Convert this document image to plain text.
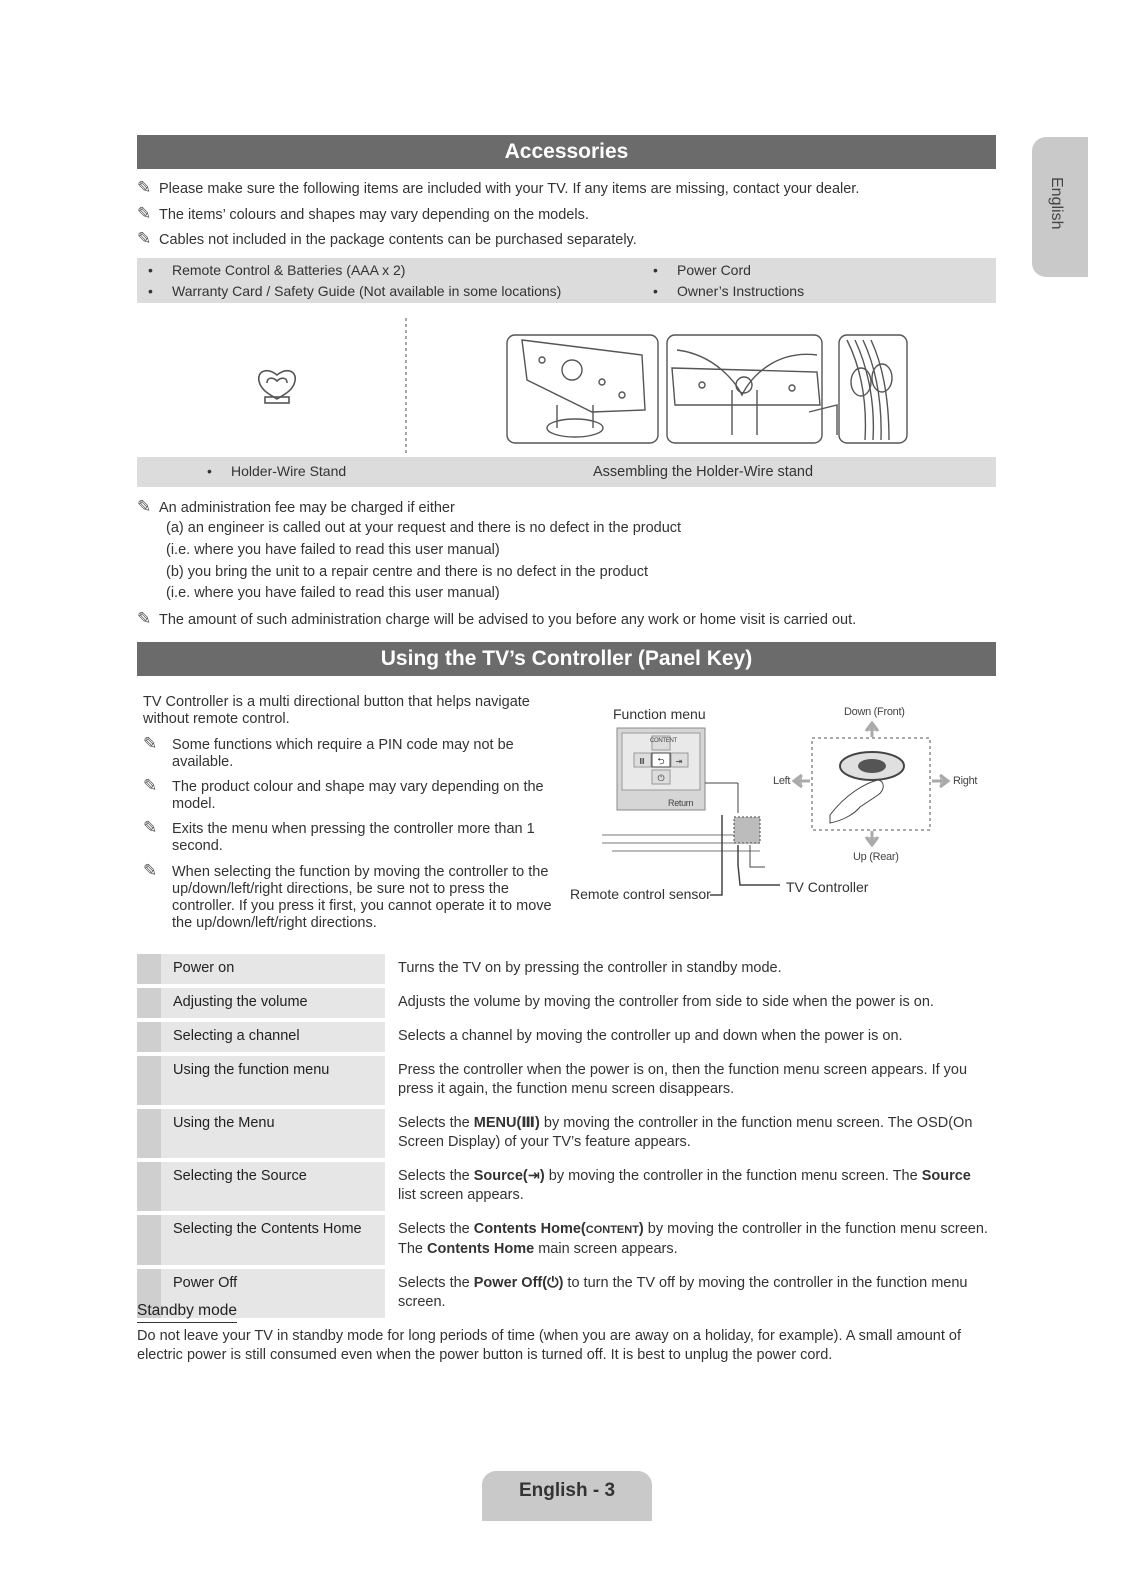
English
Accessories
✎ Please make sure the following items are included with your TV. If any items are missing, contact your dealer.
✎ The items’ colours and shapes may vary depending on the models.
✎ Cables not included in the package contents can be purchased separately.
• Remote Control & Batteries (AAA x 2)
• Warranty Card / Safety Guide (Not available in some locations)
• Power Cord
• Owner’s Instructions
• Holder-Wire Stand	Assembling the Holder-Wire stand
✎ An administration fee may be charged if either
(a) an engineer is called out at your request and there is no defect in the product
(i.e. where you have failed to read this user manual)
(b) you bring the unit to a repair centre and there is no defect in the product
(i.e. where you have failed to read this user manual)
✎ The amount of such administration charge will be advised to you before any work or home visit is carried out.
Using the TV’s Controller (Panel Key)
TV Controller is a multi directional button that helps navigate without remote control.
✎ Some functions which require a PIN code may not be available.
✎ The product colour and shape may vary depending on the model.
✎ Exits the menu when pressing the controller more than 1 second.
✎ When selecting the function by moving the controller to the up/down/left/right directions, be sure not to press the controller. If you press it first, you cannot operate it to move the up/down/left/right directions.
⮌
⏻
Ⅲ	⇥
Function menu
CONTENT
Return
Remote control sensor	TV Controller
Down (Front)
Up (Rear)
Left	Right
	Power on	Turns the TV on by pressing the controller in standby mode.
	Adjusting the volume	Adjusts the volume by moving the controller from side to side when the power is on.
	Selecting a channel	Selects a channel by moving the controller up and down when the power is on.
	Using the function menu	Press the controller when the power is on, then the function menu screen appears. If you press it again, the function menu screen disappears.
	Using the Menu	Selects the MENU(Ⅲ) by moving the controller in the function menu screen. The OSD(On Screen Display) of your TV’s feature appears.
	Selecting the Source	Selects the Source(⇥) by moving the controller in the function menu screen. The Source list screen appears.
	Selecting the Contents Home	Selects the Contents Home(CONTENT) by moving the controller in the function menu screen. The Contents Home main screen appears.
	Power Off	Selects the Power Off(⏻) to turn the TV off by moving the controller in the function menu screen.
Standby mode
Do not leave your TV in standby mode for long periods of time (when you are away on a holiday, for example). A small amount of electric power is still consumed even when the power button is turned off. It is best to unplug the power cord.
English - 3
